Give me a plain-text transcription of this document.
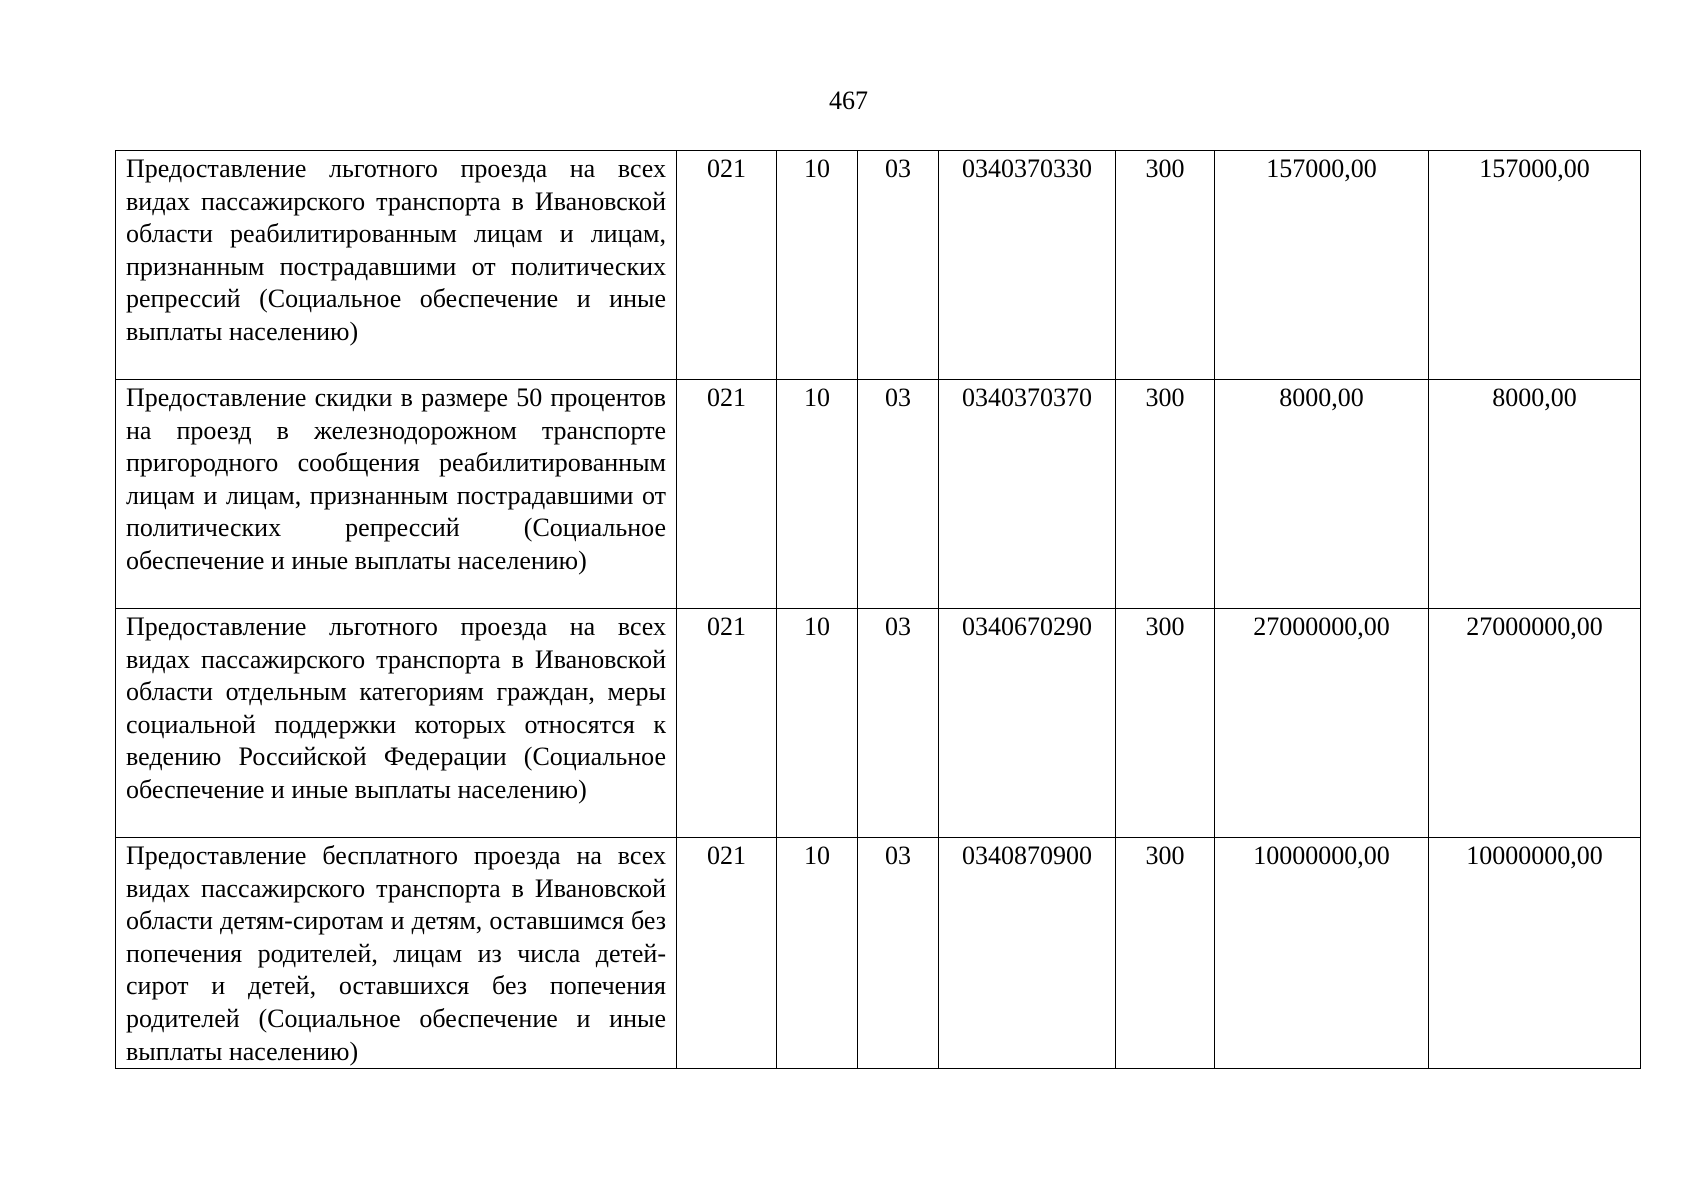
467
Предоставление льготного проезда на всех видах пассажирского транспорта в Ивановской области реабилитированным лицам и лицам, признанным пострадавшими от политических репрессий (Социальное обеспечение и иные выплаты населению)	021	10	03	0340370330	300	157000,00	157000,00
Предоставление скидки в размере 50 процентов на проезд в железнодорожном транспорте пригородного сообщения реабилитированным лицам и лицам, признанным пострадавшими от политических репрессий (Социальное обеспечение и иные выплаты населению)	021	10	03	0340370370	300	8000,00	8000,00
Предоставление льготного проезда на всех видах пассажирского транспорта в Ивановской области отдельным категориям граждан, меры социальной поддержки которых относятся к ведению Российской Федерации (Социальное обеспечение и иные выплаты населению)	021	10	03	0340670290	300	27000000,00	27000000,00
Предоставление бесплатного проезда на всех видах пассажирского транспорта в Ивановской области детям-сиротам и детям, оставшимся без попечения родителей, лицам из числа детей-сирот и детей, оставшихся без попечения родителей (Социальное обеспечение и иные выплаты населению)	021	10	03	0340870900	300	10000000,00	10000000,00
